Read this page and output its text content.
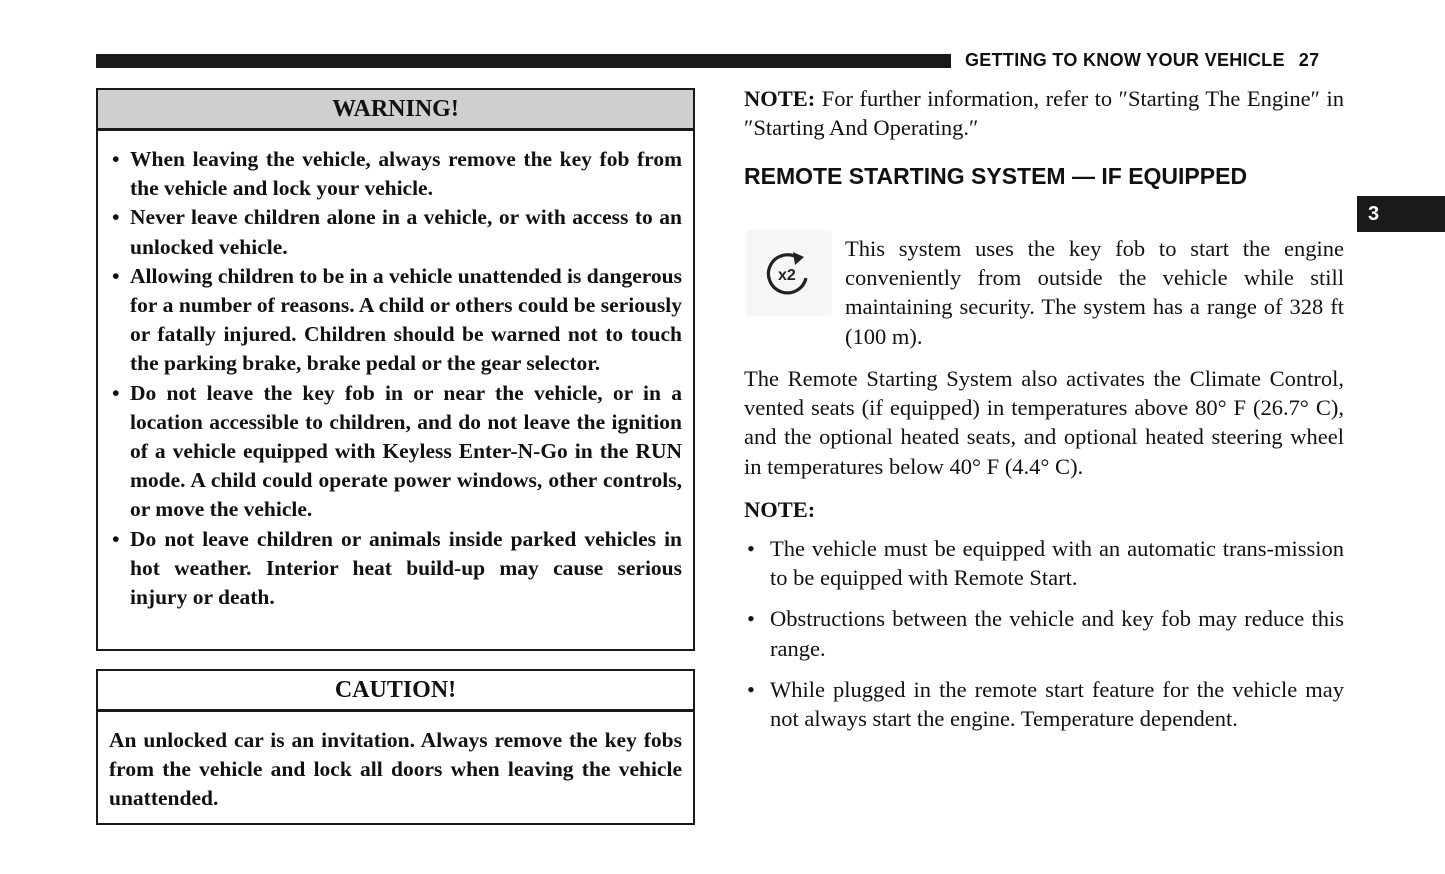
GETTING TO KNOW YOUR VEHICLE 27
3
WARNING!
• When leaving the vehicle, always remove the key fob from the vehicle and lock your vehicle.
• Never leave children alone in a vehicle, or with access to an unlocked vehicle.
• Allowing children to be in a vehicle unattended is dangerous for a number of reasons. A child or others could be seriously or fatally injured. Children should be warned not to touch the parking brake, brake pedal or the gear selector.
• Do not leave the key fob in or near the vehicle, or in a location accessible to children, and do not leave the ignition of a vehicle equipped with Keyless Enter-N-Go in the RUN mode. A child could operate power windows, other controls, or move the vehicle.
• Do not leave children or animals inside parked vehicles in hot weather. Interior heat build-up may cause serious injury or death.
CAUTION!
An unlocked car is an invitation. Always remove the key fobs from the vehicle and lock all doors when leaving the vehicle unattended.
NOTE: For further information, refer to ″Starting The Engine″ in ″Starting And Operating.″
REMOTE STARTING SYSTEM — IF EQUIPPED
x2
This system uses the key fob to start the engine conveniently from outside the vehicle while still maintaining security. The system has a range of 328 ft (100 m).
The Remote Starting System also activates the Climate Control, vented seats (if equipped) in temperatures above 80° F (26.7° C), and the optional heated seats, and optional heated steering wheel in temperatures below 40° F (4.4° C).
NOTE:
• The vehicle must be equipped with an automatic trans-mission to be equipped with Remote Start.
• Obstructions between the vehicle and key fob may reduce this range.
• While plugged in the remote start feature for the vehicle may not always start the engine. Temperature dependent.
